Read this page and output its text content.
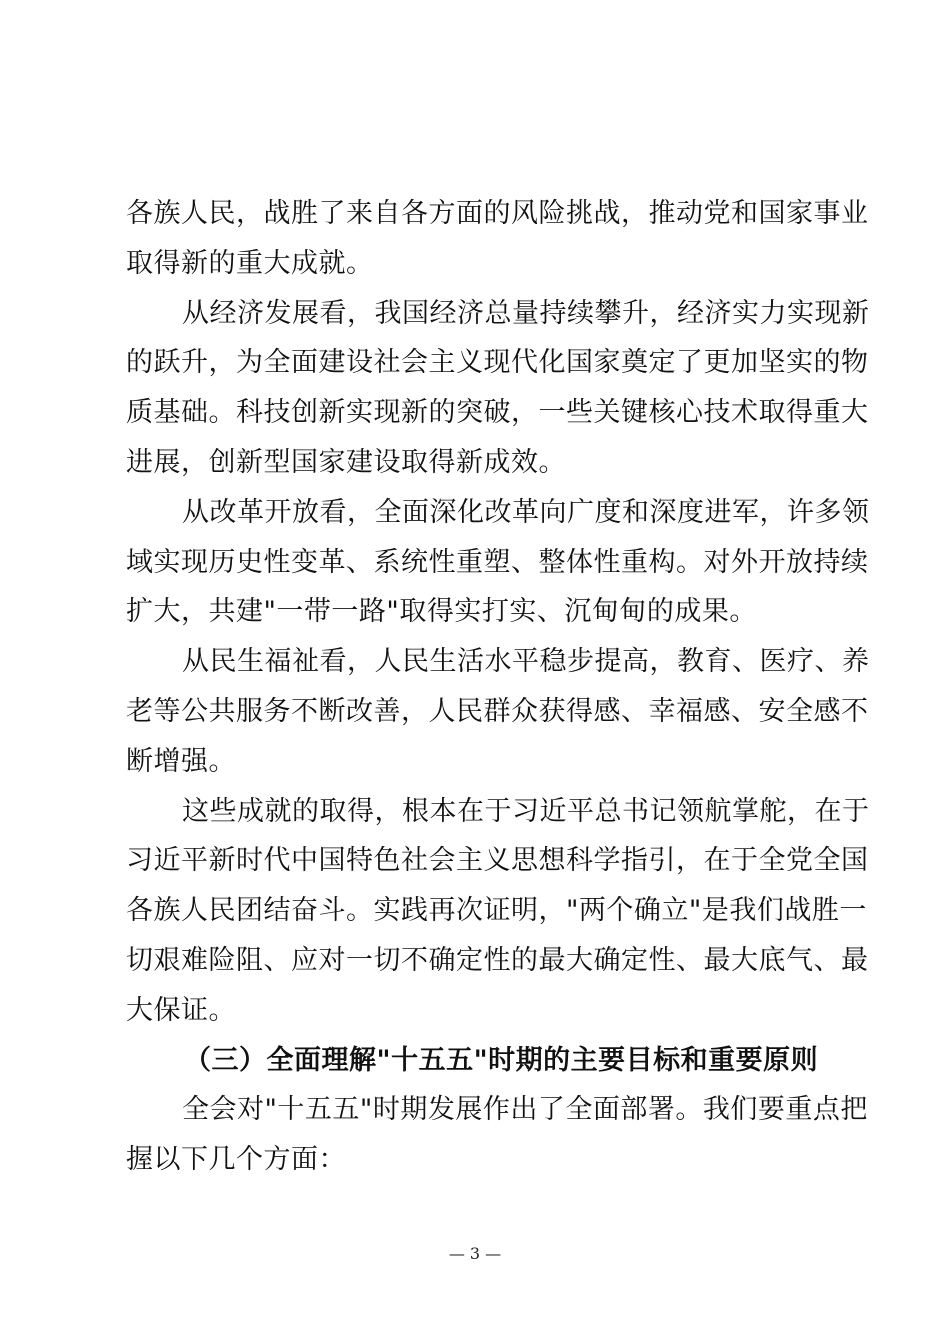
各族人民，战胜了来自各方面的风险挑战，推动党和国家事业
取得新的重大成就。
从经济发展看，我国经济总量持续攀升，经济实力实现新
的跃升，为全面建设社会主义现代化国家奠定了更加坚实的物
质基础。科技创新实现新的突破，一些关键核心技术取得重大
进展，创新型国家建设取得新成效。
从改革开放看，全面深化改革向广度和深度进军，许多领
域实现历史性变革、系统性重塑、整体性重构。对外开放持续
扩大，共建"一带一路"取得实打实、沉甸甸的成果。
从民生福祉看，人民生活水平稳步提高，教育、医疗、养
老等公共服务不断改善，人民群众获得感、幸福感、安全感不
断增强。
这些成就的取得，根本在于习近平总书记领航掌舵，在于
习近平新时代中国特色社会主义思想科学指引，在于全党全国
各族人民团结奋斗。实践再次证明，"两个确立"是我们战胜一
切艰难险阻、应对一切不确定性的最大确定性、最大底气、最
大保证。
（三）全面理解"十五五"时期的主要目标和重要原则
全会对"十五五"时期发展作出了全面部署。我们要重点把
握以下几个方面：
— 3 —
